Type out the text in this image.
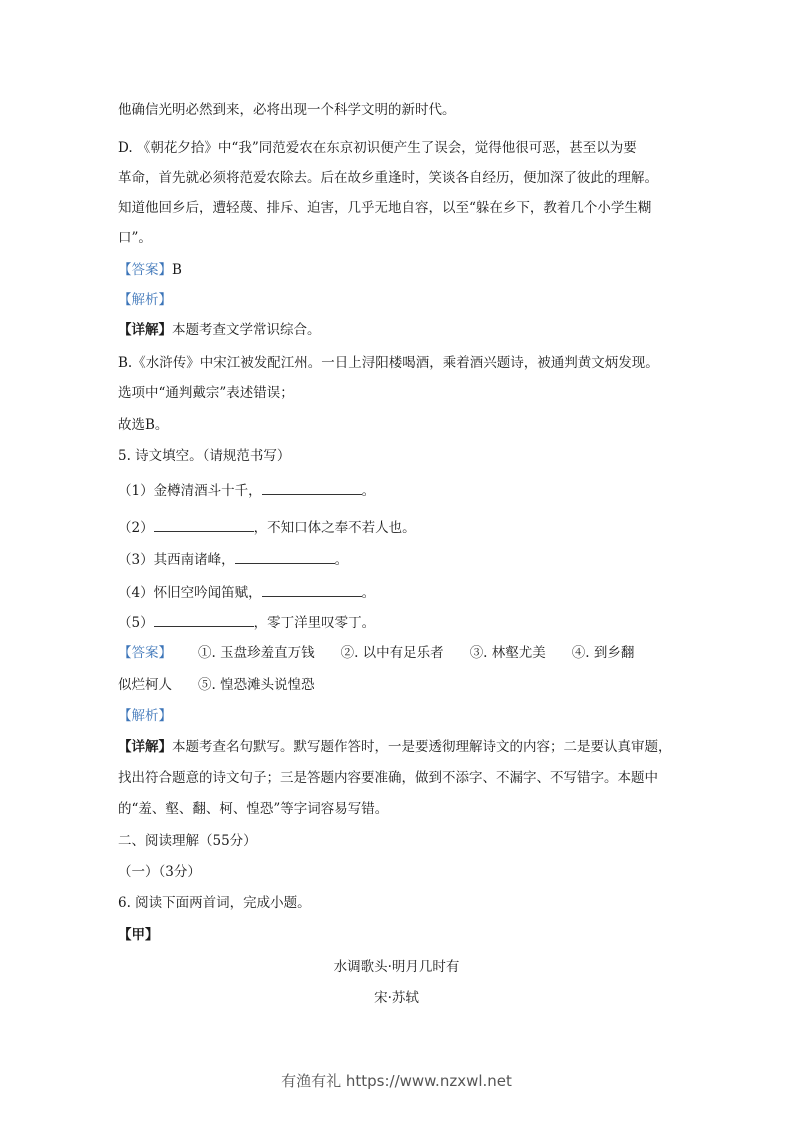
他确信光明必然到来，必将出现一个科学文明的新时代。
D. 《朝花夕拾》中“我”同范爱农在东京初识便产生了误会，觉得他很可恶，甚至以为要
革命，首先就必须将范爱农除去。后在故乡重逢时，笑谈各自经历，便加深了彼此的理解。
知道他回乡后，遭轻蔑、排斥、迫害，几乎无地自容，以至“躲在乡下，教着几个小学生糊
口”。
【答案】B
【解析】
【详解】本题考查文学常识综合。
B.《水浒传》中宋江被发配江州。一日上浔阳楼喝酒，乘着酒兴题诗，被通判黄文炳发现。
选项中“通判戴宗”表述错误；
故选B。
5. 诗文填空。（请规范书写）
（1）金樽清酒斗十千，	。
（2）	，不知口体之奉不若人也。
（3）其西南诸峰，	。
（4）怀旧空吟闻笛赋，	。
（5）	，零丁洋里叹零丁。
【答案】 ①. 玉盘珍羞直万钱 ②. 以中有足乐者 ③. 林壑尤美 ④. 到乡翻
似烂柯人 ⑤. 惶恐滩头说惶恐
【解析】
【详解】本题考查名句默写。默写题作答时，一是要透彻理解诗文的内容；二是要认真审题，
找出符合题意的诗文句子；三是答题内容要准确，做到不添字、不漏字、不写错字。本题中
的“羞、壑、翻、柯、惶恐”等字词容易写错。
二、阅读理解（55分）
（一）（3分）
6. 阅读下面两首词，完成小题。
【甲】
水调歌头·明月几时有
宋·苏轼
有渔有礼 https://www.nzxwl.net
